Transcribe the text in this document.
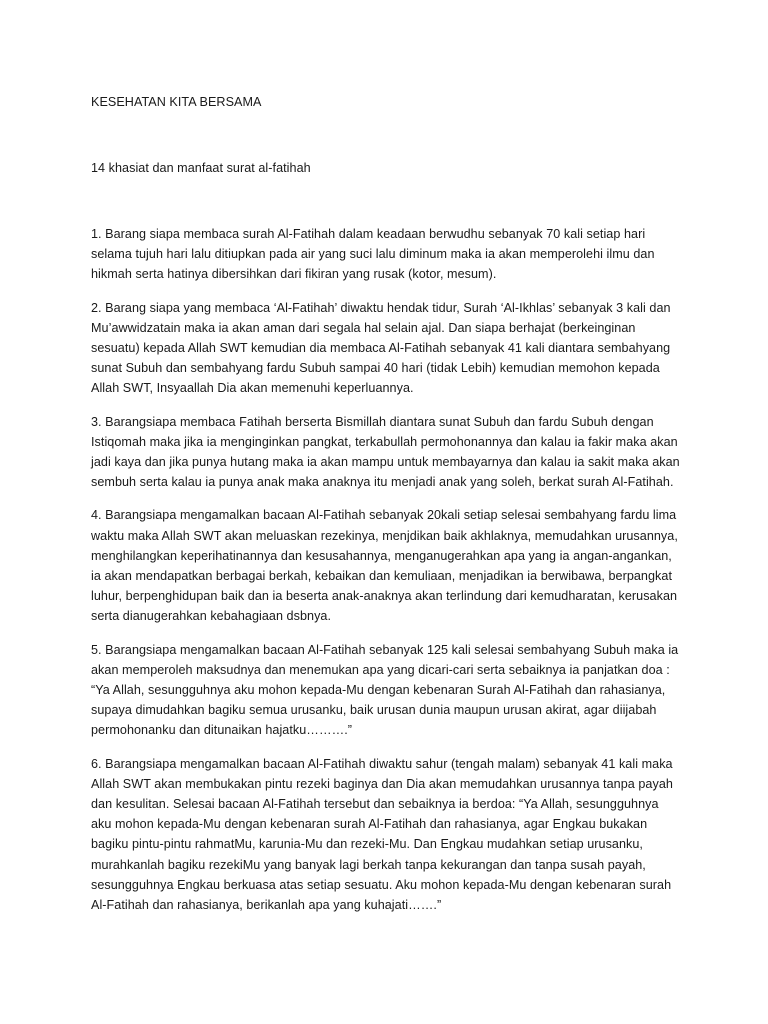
KESEHATAN KITA BERSAMA
14 khasiat dan manfaat surat al-fatihah

1. Barang siapa membaca surah Al-Fatihah dalam keadaan berwudhu sebanyak 70 kali setiap hari selama tujuh hari lalu ditiupkan pada air yang suci lalu diminum maka ia akan memperolehi ilmu dan hikmah serta hatinya dibersihkan dari fikiran yang rusak (kotor, mesum).

2. Barang siapa yang membaca ‘Al-Fatihah’ diwaktu hendak tidur, Surah ‘Al-Ikhlas’ sebanyak 3 kali dan Mu’awwidzatain maka ia akan aman dari segala hal selain ajal. Dan siapa berhajat (berkeinginan sesuatu) kepada Allah SWT kemudian dia membaca Al-Fatihah sebanyak 41 kali diantara sembahyang sunat Subuh dan sembahyang fardu Subuh sampai 40 hari (tidak Lebih) kemudian memohon kepada Allah SWT, Insyaallah Dia akan memenuhi keperluannya.

3. Barangsiapa membaca Fatihah berserta Bismillah diantara sunat Subuh dan fardu Subuh dengan Istiqomah maka jika ia menginginkan pangkat, terkabullah permohonannya dan kalau ia fakir maka akan jadi kaya dan jika punya hutang maka ia akan mampu untuk membayarnya dan kalau ia sakit maka akan sembuh serta kalau ia punya anak maka anaknya itu menjadi anak yang soleh, berkat surah Al-Fatihah.

4. Barangsiapa mengamalkan bacaan Al-Fatihah sebanyak 20kali setiap selesai sembahyang fardu lima waktu maka Allah SWT akan meluaskan rezekinya, menjdikan baik akhlaknya, memudahkan urusannya, menghilangkan keperihatinannya dan kesusahannya, menganugerahkan apa yang ia angan-angankan, ia akan mendapatkan berbagai berkah, kebaikan dan kemuliaan, menjadikan ia berwibawa, berpangkat luhur, berpenghidupan baik dan ia beserta anak-anaknya akan terlindung dari kemudharatan, kerusakan serta dianugerahkan kebahagiaan dsbnya.

5. Barangsiapa mengamalkan bacaan Al-Fatihah sebanyak 125 kali selesai sembahyang Subuh maka ia akan memperoleh maksudnya dan menemukan apa yang dicari-cari serta sebaiknya ia panjatkan doa : “Ya Allah, sesungguhnya aku mohon kepada-Mu dengan kebenaran Surah Al-Fatihah dan rahasianya, supaya dimudahkan bagiku semua urusanku, baik urusan dunia maupun urusan akirat, agar diijabah permohonanku dan ditunaikan hajatku……….”

6. Barangsiapa mengamalkan bacaan Al-Fatihah diwaktu sahur (tengah malam) sebanyak 41 kali maka Allah SWT akan membukakan pintu rezeki baginya dan Dia akan memudahkan urusannya tanpa payah dan kesulitan. Selesai bacaan Al-Fatihah tersebut dan sebaiknya ia berdoa: “Ya Allah, sesungguhnya aku mohon kepada-Mu dengan kebenaran surah Al-Fatihah dan rahasianya, agar Engkau bukakan bagiku pintu-pintu rahmatMu, karunia-Mu dan rezeki-Mu. Dan Engkau mudahkan setiap urusanku, murahkanlah bagiku rezekiMu yang banyak lagi berkah tanpa kekurangan dan tanpa susah payah, sesungguhnya Engkau berkuasa atas setiap sesuatu. Aku mohon kepada-Mu dengan kebenaran surah Al-Fatihah dan rahasianya, berikanlah apa yang kuhajati…….”
